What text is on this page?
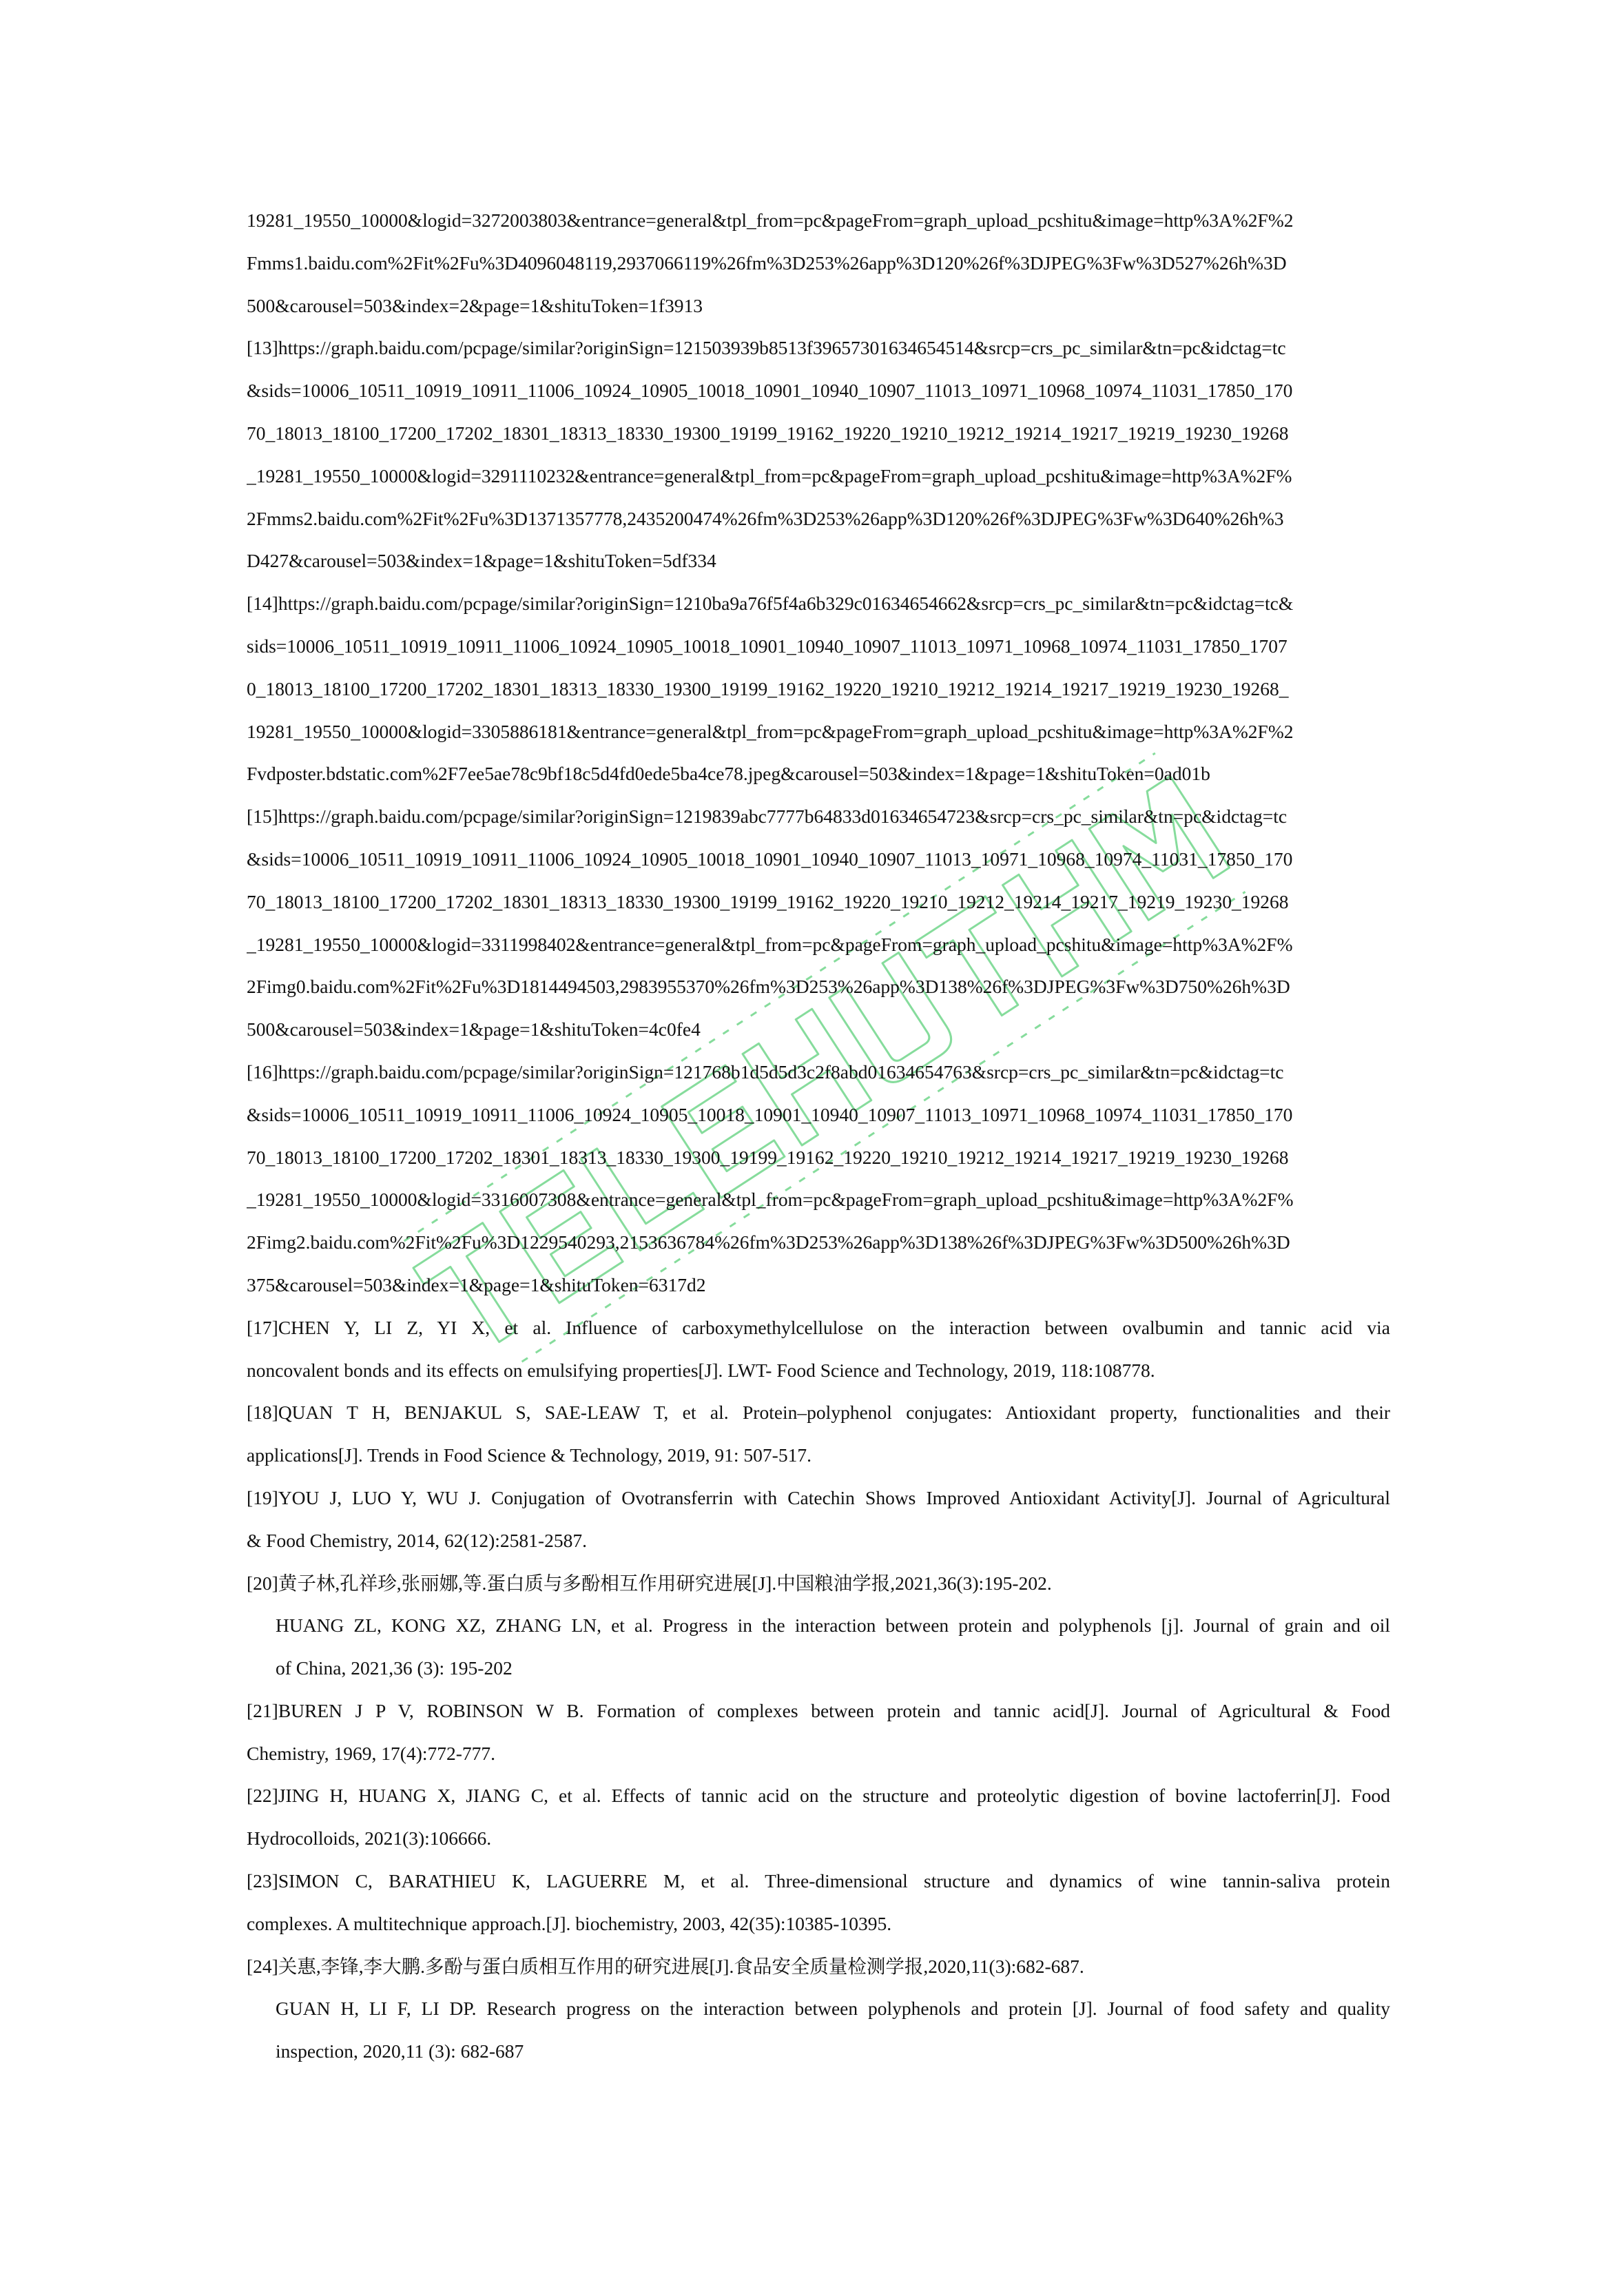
19281_19550_10000&logid=3272003803&entrance=general&tpl_from=pc&pageFrom=graph_upload_pcshitu&image=http%3A%2F%2
Fmms1.baidu.com%2Fit%2Fu%3D4096048119,2937066119%26fm%3D253%26app%3D120%26f%3DJPEG%3Fw%3D527%26h%3D
500&carousel=503&index=2&page=1&shituToken=1f3913
[13]https://graph.baidu.com/pcpage/similar?originSign=121503939b8513f39657301634654514&srcp=crs_pc_similar&tn=pc&idctag=tc
&sids=10006_10511_10919_10911_11006_10924_10905_10018_10901_10940_10907_11013_10971_10968_10974_11031_17850_170
70_18013_18100_17200_17202_18301_18313_18330_19300_19199_19162_19220_19210_19212_19214_19217_19219_19230_19268
_19281_19550_10000&logid=3291110232&entrance=general&tpl_from=pc&pageFrom=graph_upload_pcshitu&image=http%3A%2F%
2Fmms2.baidu.com%2Fit%2Fu%3D1371357778,2435200474%26fm%3D253%26app%3D120%26f%3DJPEG%3Fw%3D640%26h%3
D427&carousel=503&index=1&page=1&shituToken=5df334
[14]https://graph.baidu.com/pcpage/similar?originSign=1210ba9a76f5f4a6b329c01634654662&srcp=crs_pc_similar&tn=pc&idctag=tc&
sids=10006_10511_10919_10911_11006_10924_10905_10018_10901_10940_10907_11013_10971_10968_10974_11031_17850_1707
0_18013_18100_17200_17202_18301_18313_18330_19300_19199_19162_19220_19210_19212_19214_19217_19219_19230_19268_
19281_19550_10000&logid=3305886181&entrance=general&tpl_from=pc&pageFrom=graph_upload_pcshitu&image=http%3A%2F%2
Fvdposter.bdstatic.com%2F7ee5ae78c9bf18c5d4fd0ede5ba4ce78.jpeg&carousel=503&index=1&page=1&shituToken=0ad01b
[15]https://graph.baidu.com/pcpage/similar?originSign=1219839abc7777b64833d01634654723&srcp=crs_pc_similar&tn=pc&idctag=tc
&sids=10006_10511_10919_10911_11006_10924_10905_10018_10901_10940_10907_11013_10971_10968_10974_11031_17850_170
70_18013_18100_17200_17202_18301_18313_18330_19300_19199_19162_19220_19210_19212_19214_19217_19219_19230_19268
_19281_19550_10000&logid=3311998402&entrance=general&tpl_from=pc&pageFrom=graph_upload_pcshitu&image=http%3A%2F%
2Fimg0.baidu.com%2Fit%2Fu%3D1814494503,2983955370%26fm%3D253%26app%3D138%26f%3DJPEG%3Fw%3D750%26h%3D
500&carousel=503&index=1&page=1&shituToken=4c0fe4
[16]https://graph.baidu.com/pcpage/similar?originSign=121768b1d5d5d3c2f8abd01634654763&srcp=crs_pc_similar&tn=pc&idctag=tc
&sids=10006_10511_10919_10911_11006_10924_10905_10018_10901_10940_10907_11013_10971_10968_10974_11031_17850_170
70_18013_18100_17200_17202_18301_18313_18330_19300_19199_19162_19220_19210_19212_19214_19217_19219_19230_19268
_19281_19550_10000&logid=3316007308&entrance=general&tpl_from=pc&pageFrom=graph_upload_pcshitu&image=http%3A%2F%
2Fimg2.baidu.com%2Fit%2Fu%3D1229540293,2153636784%26fm%3D253%26app%3D138%26f%3DJPEG%3Fw%3D500%26h%3D
375&carousel=503&index=1&page=1&shituToken=6317d2
[17]CHEN Y, LI Z, YI X, et al. Influence of carboxymethylcellulose on the interaction between ovalbumin and tannic acid via
noncovalent bonds and its effects on emulsifying properties[J]. LWT- Food Science and Technology, 2019, 118:108778.
[18]QUAN T H, BENJAKUL S, SAE-LEAW T, et al. Protein–polyphenol conjugates: Antioxidant property, functionalities and their
applications[J]. Trends in Food Science & Technology, 2019, 91: 507-517.
[19]YOU J, LUO Y, WU J. Conjugation of Ovotransferrin with Catechin Shows Improved Antioxidant Activity[J]. Journal of Agricultural
& Food Chemistry, 2014, 62(12):2581-2587.
[20]黄子林,孔祥珍,张丽娜,等.蛋白质与多酚相互作用研究进展[J].中国粮油学报,2021,36(3):195-202.
HUANG ZL, KONG XZ, ZHANG LN, et al. Progress in the interaction between protein and polyphenols [j]. Journal of grain and oil
of China, 2021,36 (3): 195-202
[21]BUREN J P V, ROBINSON W B. Formation of complexes between protein and tannic acid[J]. Journal of Agricultural & Food
Chemistry, 1969, 17(4):772-777.
[22]JING H, HUANG X, JIANG C, et al. Effects of tannic acid on the structure and proteolytic digestion of bovine lactoferrin[J]. Food
Hydrocolloids, 2021(3):106666.
[23]SIMON C, BARATHIEU K, LAGUERRE M, et al. Three-dimensional structure and dynamics of wine tannin-saliva protein
complexes. A multitechnique approach.[J]. biochemistry, 2003, 42(35):10385-10395.
[24]关惠,李锋,李大鹏.多酚与蛋白质相互作用的研究进展[J].食品安全质量检测学报,2020,11(3):682-687.
GUAN H, LI F, LI DP. Research progress on the interaction between polyphenols and protein [J]. Journal of food safety and quality
inspection, 2020,11 (3): 682-687
